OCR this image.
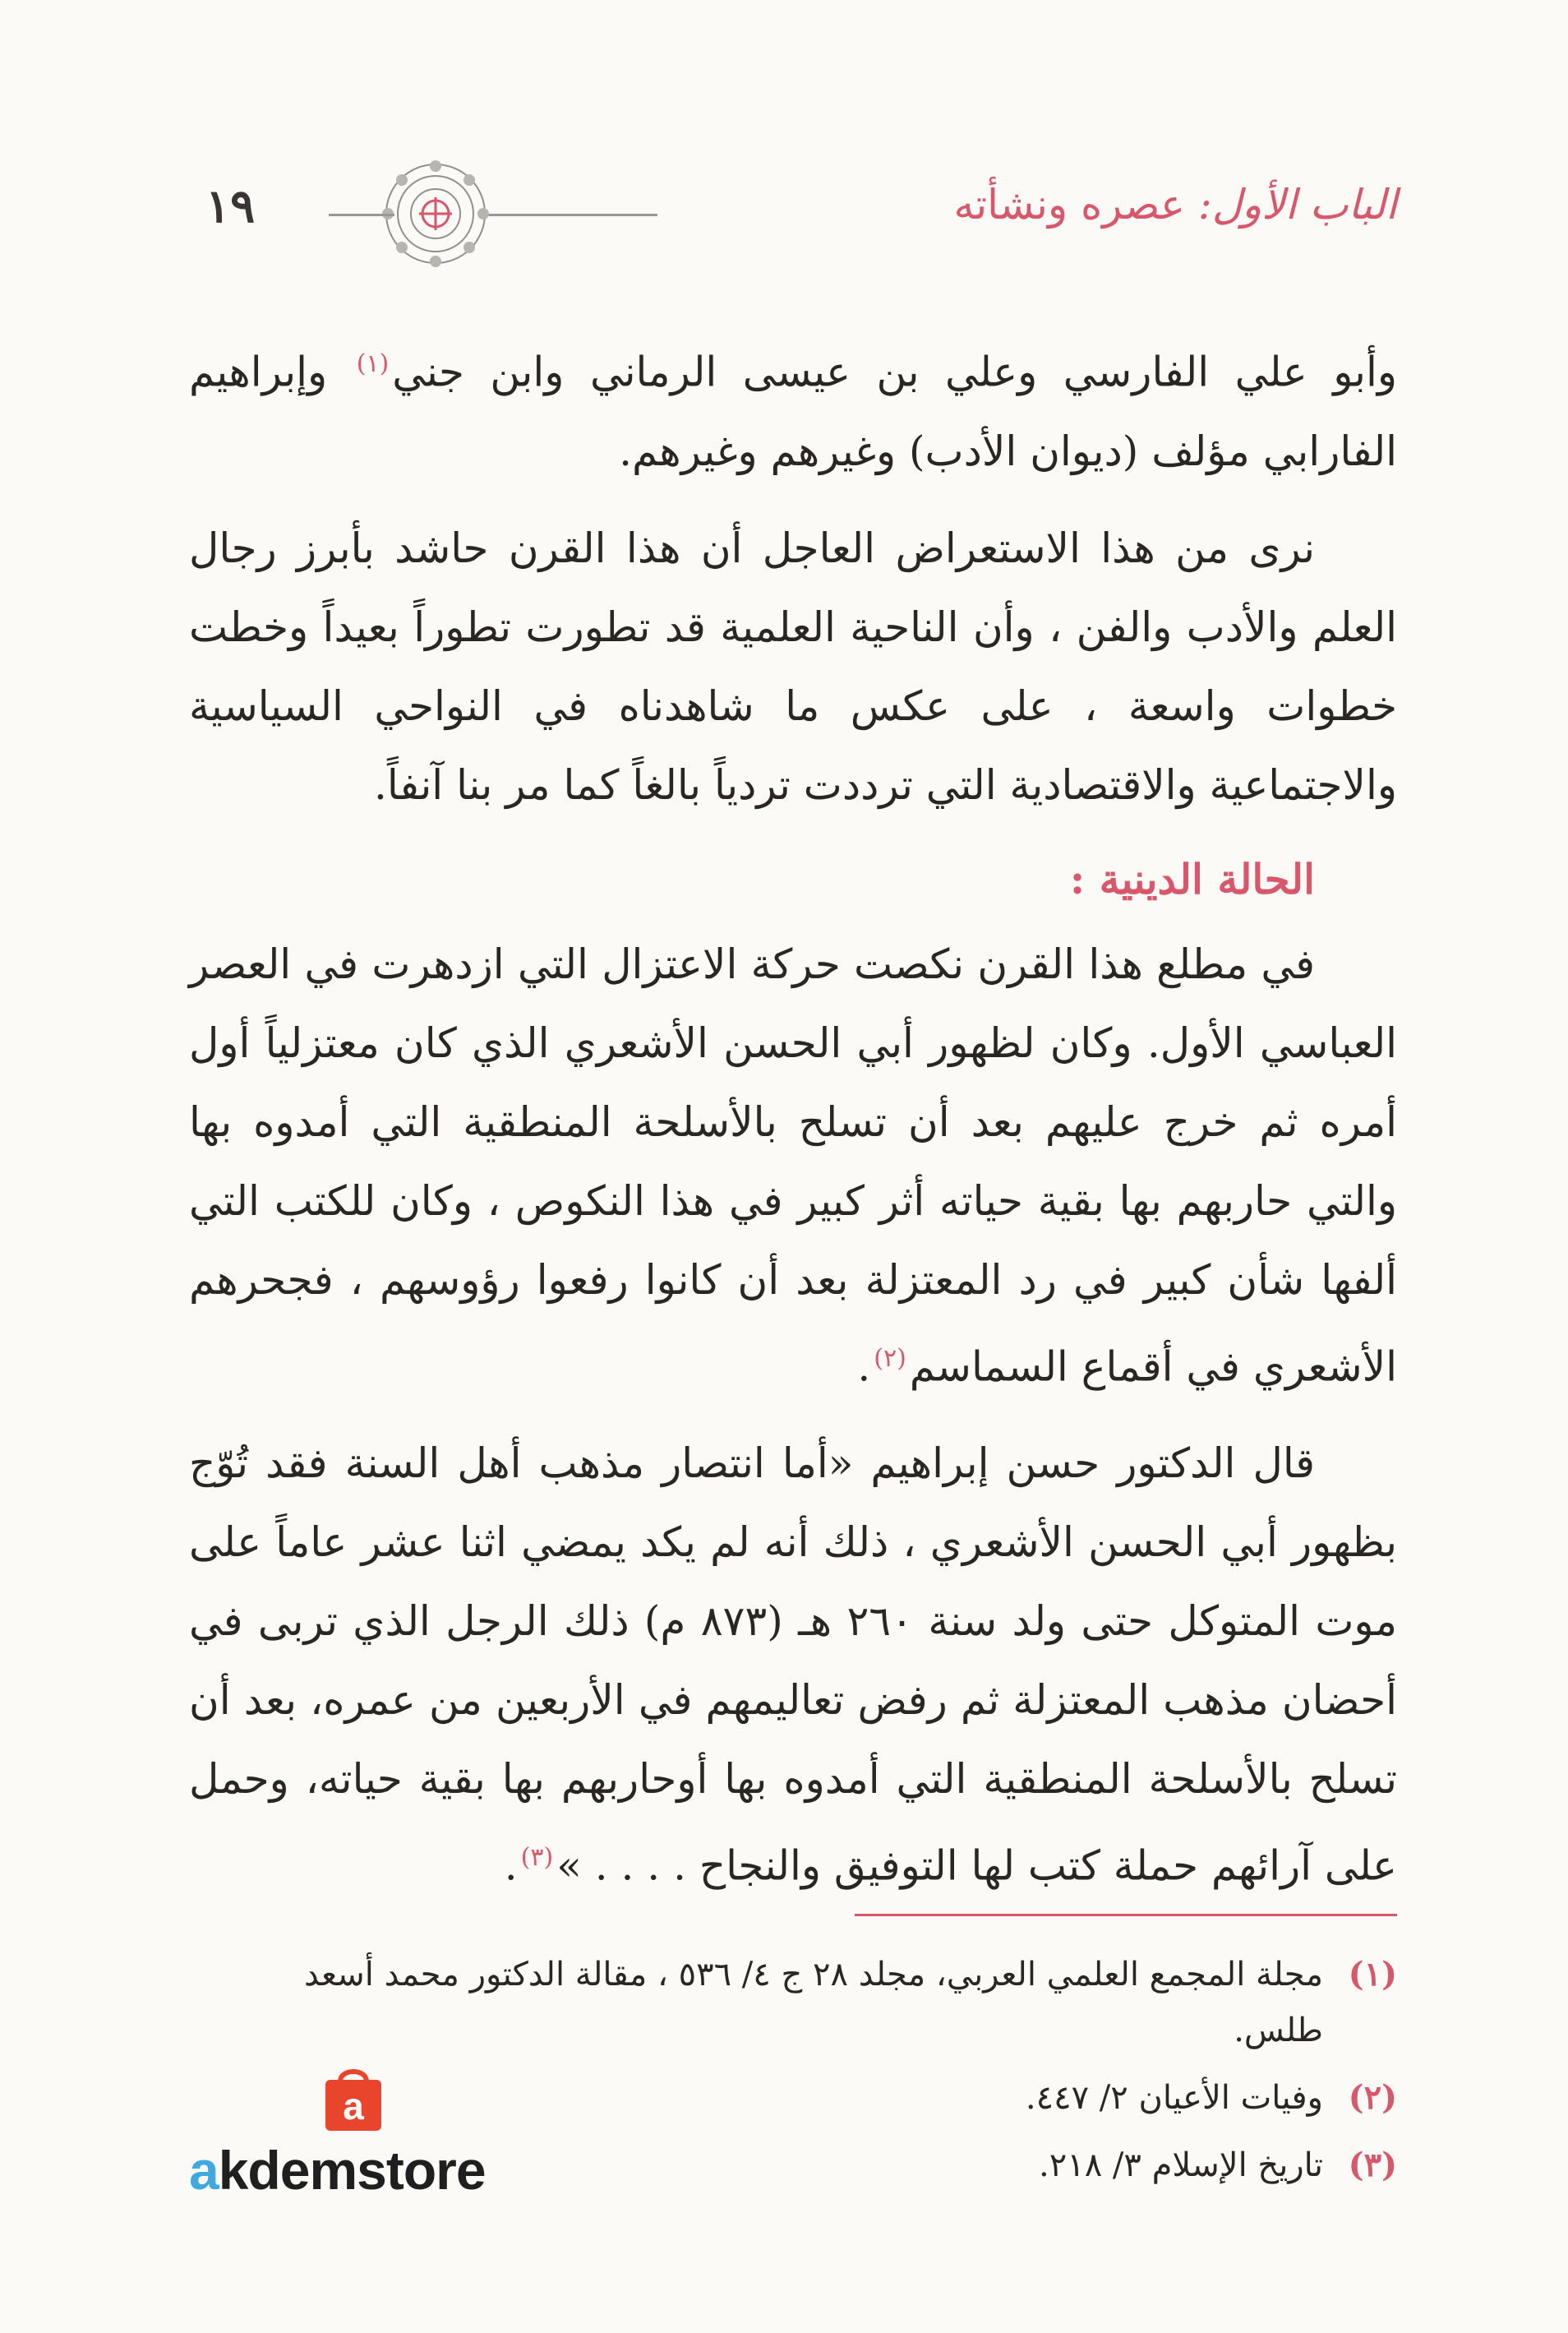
الباب الأول: عصره ونشأته
١٩

وأبو علي الفارسي وعلي بن عيسى الرماني وابن جني$^{(١)}$ وإبراهيم الفارابي مؤلف (ديوان الأدب) وغيرهم وغيرهم.

نرى من هذا الاستعراض العاجل أن هذا القرن حاشد بأبرز رجال العلم والأدب والفن ، وأن الناحية العلمية قد تطورت تطوراً بعيداً وخطت خطوات واسعة ، على عكس ما شاهدناه في النواحي السياسية والاجتماعية والاقتصادية التي ترددت تردياً بالغاً كما مر بنا آنفاً.

الحالة الدينية :

في مطلع هذا القرن نكصت حركة الاعتزال التي ازدهرت في العصر العباسي الأول. وكان لظهور أبي الحسن الأشعري الذي كان معتزلياً أول أمره ثم خرج عليهم بعد أن تسلح بالأسلحة المنطقية التي أمدوه بها والتي حاربهم بها بقية حياته أثر كبير في هذا النكوص ، وكان للكتب التي ألفها شأن كبير في رد المعتزلة بعد أن كانوا رفعوا رؤوسهم ، فجحرهم الأشعري في أقماع السماسم$^{(٢)}$.

قال الدكتور حسن إبراهيم «أما انتصار مذهب أهل السنة فقد تُوّج بظهور أبي الحسن الأشعري ، ذلك أنه لم يكد يمضي اثنا عشر عاماً على موت المتوكل حتى ولد سنة ٢٦٠ هـ (٨٧٣ م) ذلك الرجل الذي تربى في أحضان مذهب المعتزلة ثم رفض تعاليمهم في الأربعين من عمره، بعد أن تسلح بالأسلحة المنطقية التي أمدوه بها أوحاربهم بها بقية حياته، وحمل على آرائهم حملة كتب لها التوفيق والنجاح . . . . »$^{(٣)}$.

(١)مجلة المجمع العلمي العربي، مجلد ٢٨ ج ٤/ ٥٣٦ ، مقالة الدكتور محمد أسعد
طلس.
(٢)وفيات الأعيان ٢/ ٤٤٧.
(٣)تاريخ الإسلام ٣/ ٢١٨.
a
akdemstore
